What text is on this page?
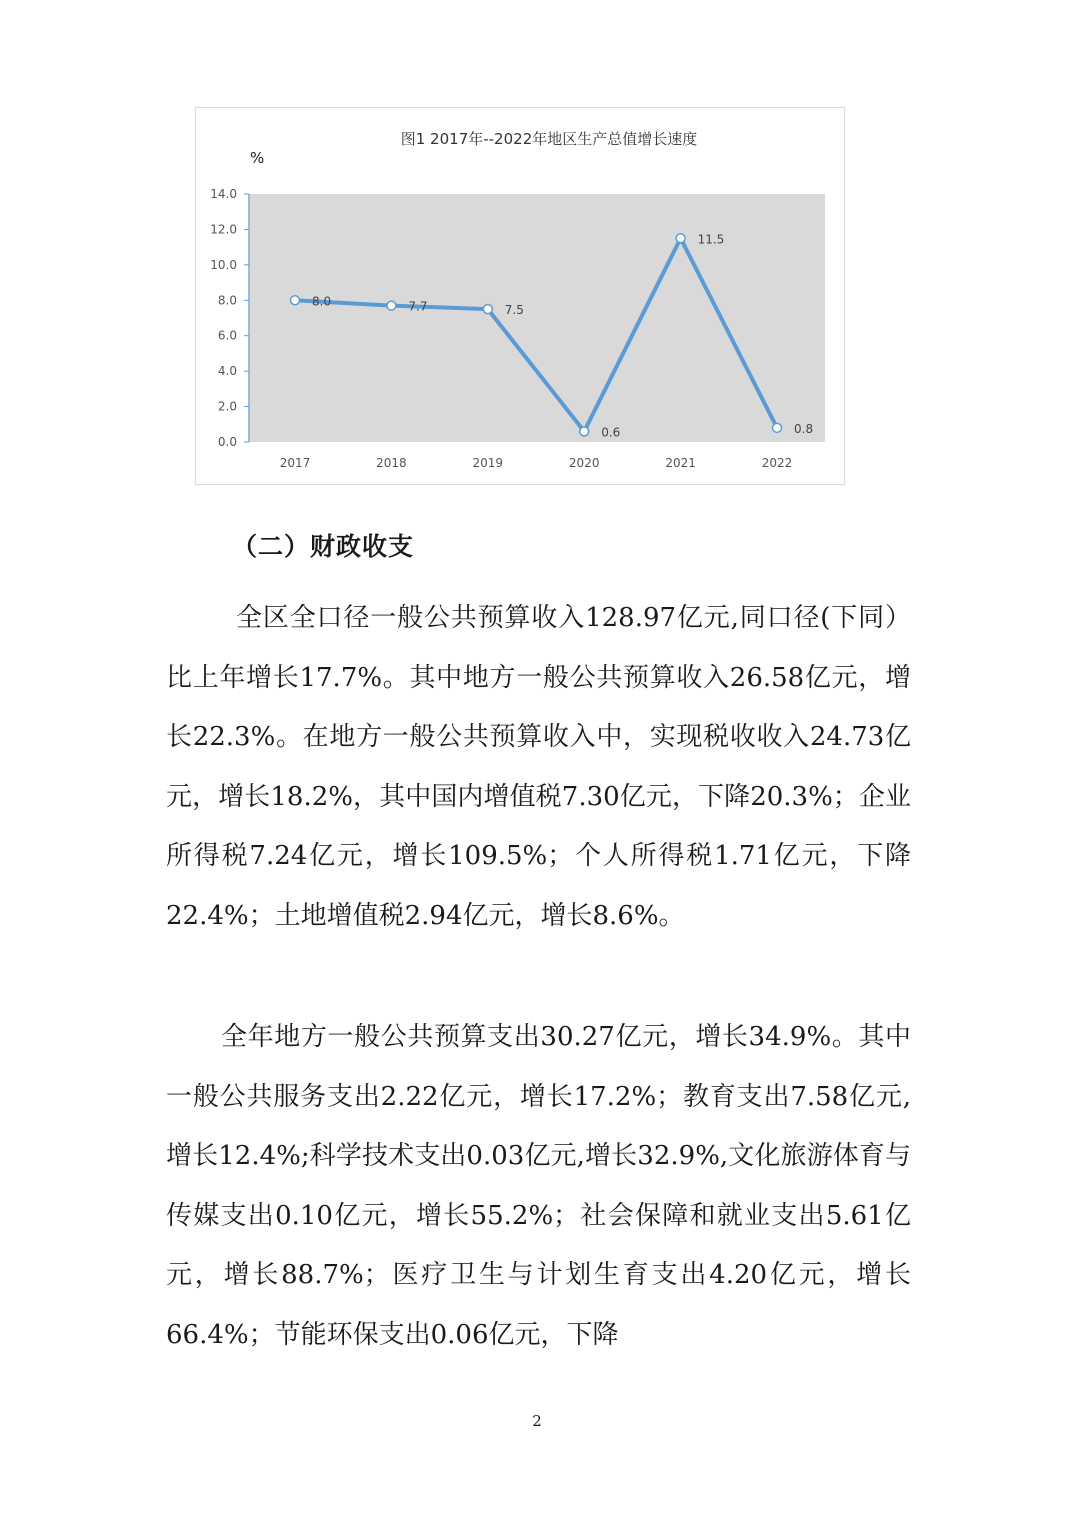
图1 2017年--2022年地区生产总值增长速度
%
0.0
2.0
4.0
6.0
8.0
10.0
12.0
14.0
2017	2018	2019	2020	2021	2022
8.0	7.7	7.5
0.6
11.5
0.8
（二）财政收支

全区全口径一般公共预算收入128.97亿元,同口径(下同）比上年增长17.7%。其中地方一般公共预算收入26.58亿元，增长22.3%。在地方一般公共预算收入中，实现税收收入24.73亿元，增长18.2%，其中国内增值税7.30亿元，下降20.3%；企业所得税7.24亿元，增长109.5%；个人所得税1.71亿元，下降22.4%；土地增值税2.94亿元，增长8.6%。

全年地方一般公共预算支出30.27亿元，增长34.9%。其中一般公共服务支出2.22亿元，增长17.2%；教育支出7.58亿元,增长12.4%;科学技术支出0.03亿元,增长32.9%,文化旅游体育与传媒支出0.10亿元，增长55.2%；社会保障和就业支出5.61亿元，增长88.7%；医疗卫生与计划生育支出4.20亿元，增长66.4%；节能环保支出0.06亿元，下降

2
